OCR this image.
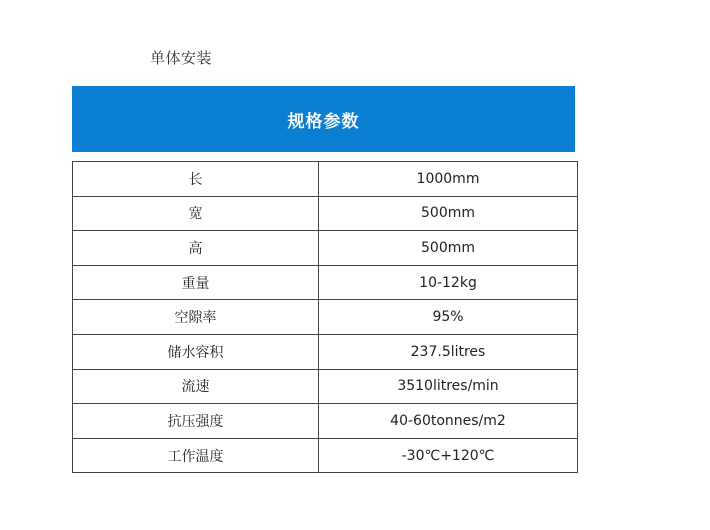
单体安装
规格参数
长	1000mm
宽	500mm
高	500mm
重量	10-12kg
空隙率	95%
储水容积	237.5litres
流速	3510litres/min
抗压强度	40-60tonnes/m2
工作温度	-30℃+120℃
